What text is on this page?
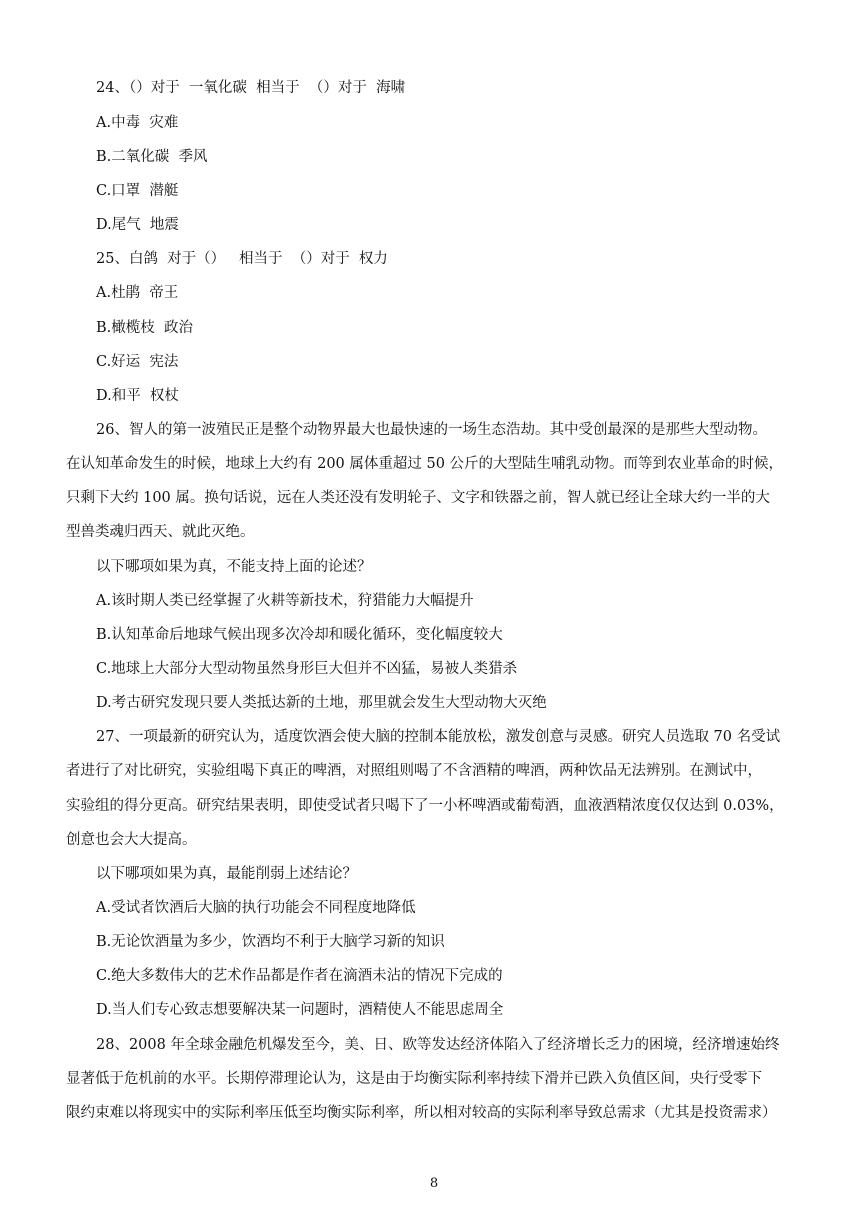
24、（）对于  一氧化碳  相当于  （）对于  海啸
A.中毒  灾难
B.二氧化碳  季风
C.口罩  潜艇
D.尾气  地震
25、白鸽  对于（）   相当于  （）对于  权力
A.杜鹃  帝王
B.橄榄枝  政治
C.好运  宪法
D.和平  权杖
26、智人的第一波殖民正是整个动物界最大也最快速的一场生态浩劫。其中受创最深的是那些大型动物。
在认知革命发生的时候，地球上大约有 200 属体重超过 50 公斤的大型陆生哺乳动物。而等到农业革命的时候，
只剩下大约 100 属。换句话说，远在人类还没有发明轮子、文字和铁器之前，智人就已经让全球大约一半的大
型兽类魂归西天、就此灭绝。
以下哪项如果为真，不能支持上面的论述？
A.该时期人类已经掌握了火耕等新技术，狩猎能力大幅提升
B.认知革命后地球气候出现多次冷却和暖化循环，变化幅度较大
C.地球上大部分大型动物虽然身形巨大但并不凶猛，易被人类猎杀
D.考古研究发现只要人类抵达新的土地，那里就会发生大型动物大灭绝
27、一项最新的研究认为，适度饮酒会使大脑的控制本能放松，激发创意与灵感。研究人员选取 70 名受试
者进行了对比研究，实验组喝下真正的啤酒，对照组则喝了不含酒精的啤酒，两种饮品无法辨别。在测试中，
实验组的得分更高。研究结果表明，即使受试者只喝下了一小杯啤酒或葡萄酒，血液酒精浓度仅仅达到 0.03%，
创意也会大大提高。
以下哪项如果为真，最能削弱上述结论？
A.受试者饮酒后大脑的执行功能会不同程度地降低
B.无论饮酒量为多少，饮酒均不利于大脑学习新的知识
C.绝大多数伟大的艺术作品都是作者在滴酒未沾的情况下完成的
D.当人们专心致志想要解决某一问题时，酒精使人不能思虑周全
28、2008 年全球金融危机爆发至今，美、日、欧等发达经济体陷入了经济增长乏力的困境，经济增速始终
显著低于危机前的水平。长期停滞理论认为，这是由于均衡实际利率持续下滑并已跌入负值区间，央行受零下
限约束难以将现实中的实际利率压低至均衡实际利率，所以相对较高的实际利率导致总需求（尤其是投资需求）
8
